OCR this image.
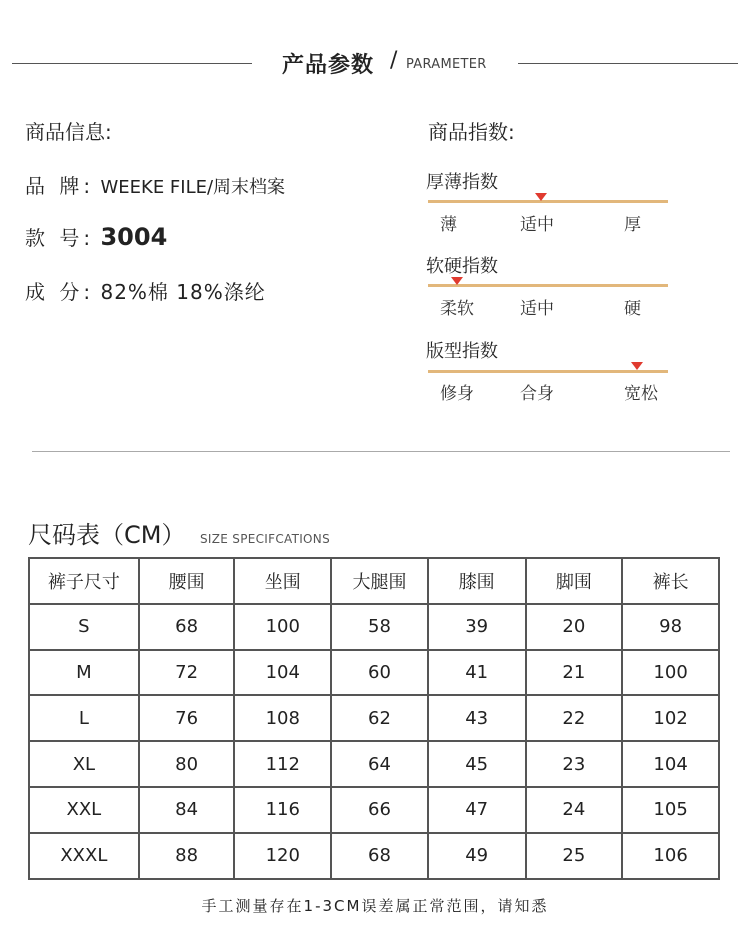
产品参数 / PARAMETER
商品信息:
品 牌: WEEKE FILE/周末档案
款 号: 3004
成 分: 82%棉 18%涤纶
商品指数:
厚薄指数
薄	适中	厚
软硬指数
柔软	适中	硬
版型指数
修身	合身	宽松
尺码表（CM） SIZE SPECIFCATIONS
裤子尺寸	腰围	坐围	大腿围	膝围	脚围	裤长
S	68	100	58	39	20	98
M	72	104	60	41	21	100
L	76	108	62	43	22	102
XL	80	112	64	45	23	104
XXL	84	116	66	47	24	105
XXXL	88	120	68	49	25	106
手工测量存在1-3CM误差属正常范围，请知悉
